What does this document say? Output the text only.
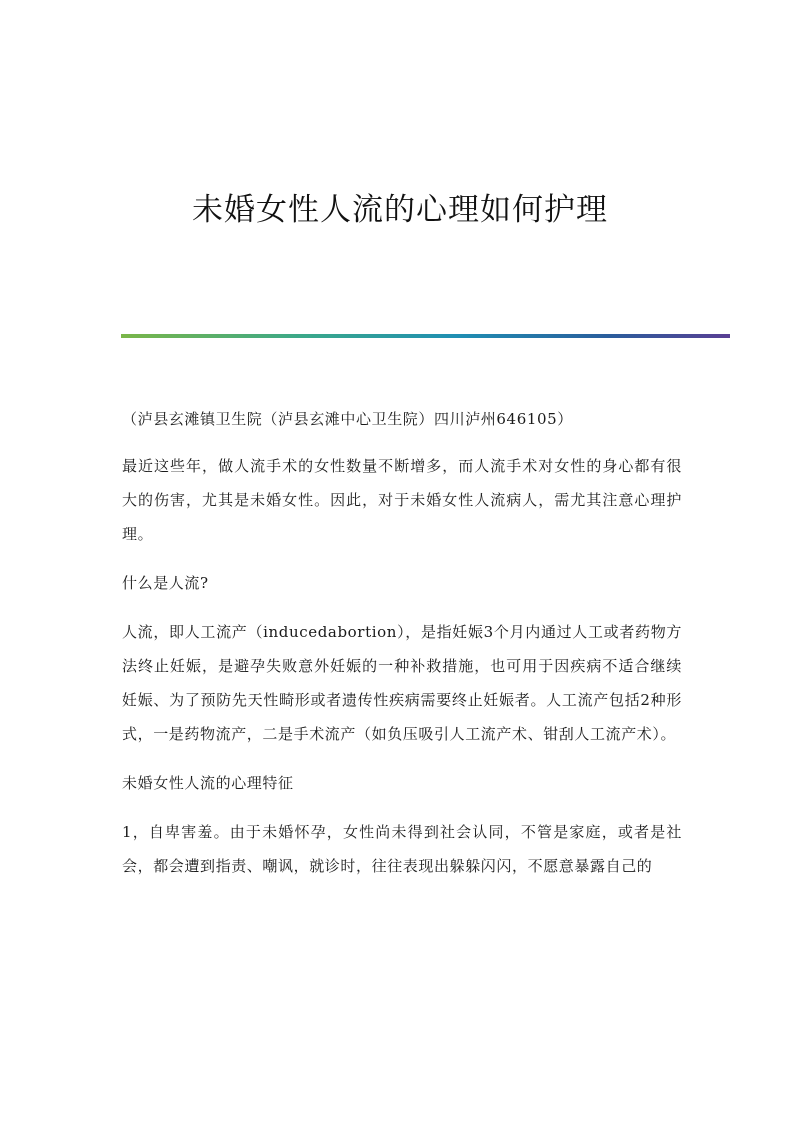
未婚女性人流的心理如何护理

（泸县玄滩镇卫生院（泸县玄滩中心卫生院）四川泸州646105）

最近这些年，做人流手术的女性数量不断增多，而人流手术对女性的身心都有很大的伤害，尤其是未婚女性。因此，对于未婚女性人流病人，需尤其注意心理护理。

什么是人流?

人流，即人工流产（inducedabortion），是指妊娠3个月内通过人工或者药物方法终止妊娠，是避孕失败意外妊娠的一种补救措施，也可用于因疾病不适合继续妊娠、为了预防先天性畸形或者遗传性疾病需要终止妊娠者。人工流产包括2种形式，一是药物流产，二是手术流产（如负压吸引人工流产术、钳刮人工流产术）。

未婚女性人流的心理特征

1，自卑害羞。由于未婚怀孕，女性尚未得到社会认同，不管是家庭，或者是社会，都会遭到指责、嘲讽，就诊时，往往表现出躲躲闪闪，不愿意暴露自己的
